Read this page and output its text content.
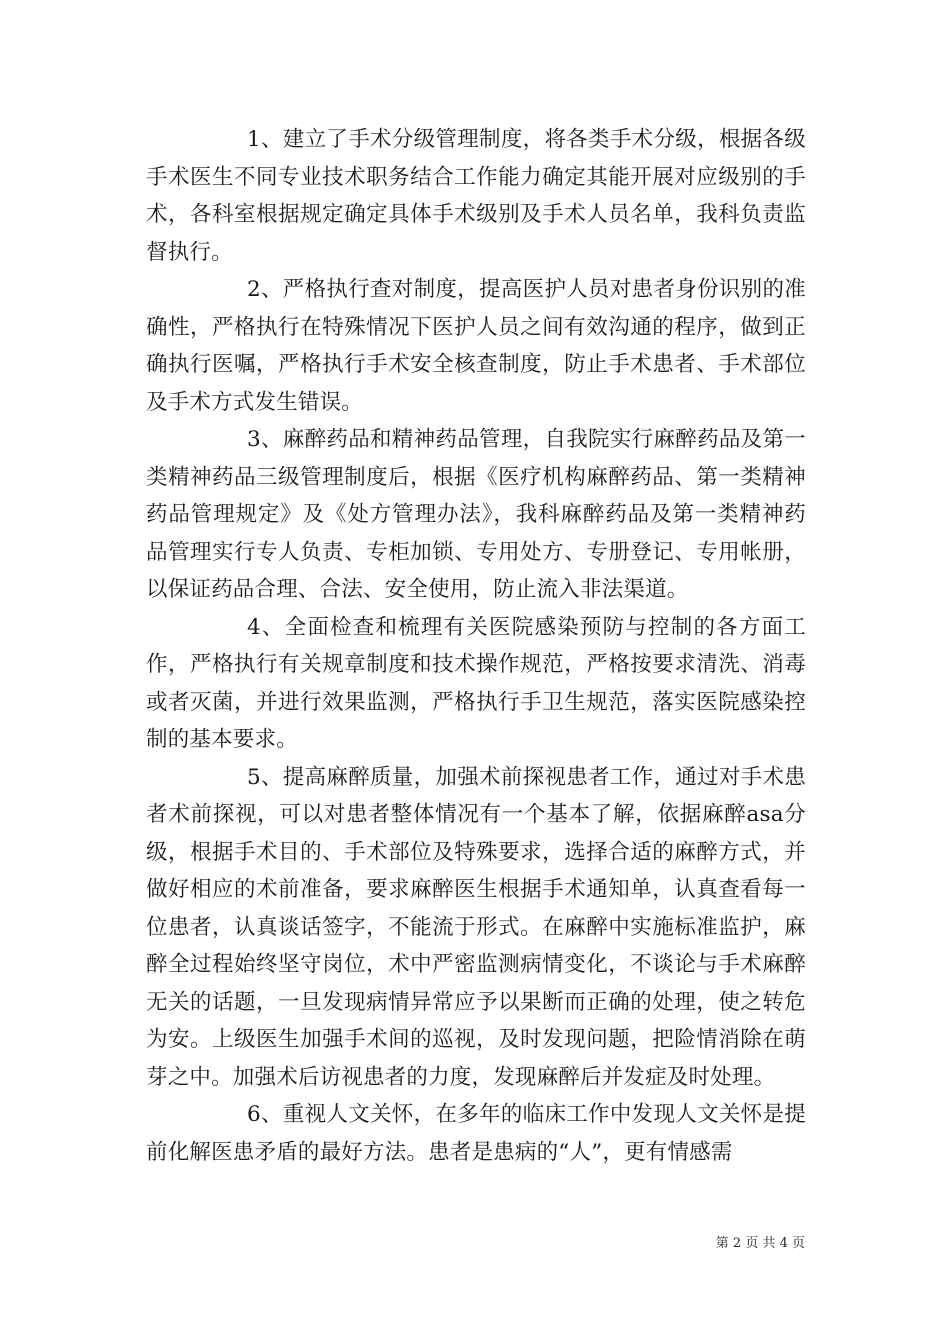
1、建立了手术分级管理制度，将各类手术分级，根据各级手术医生不同专业技术职务结合工作能力确定其能开展对应级别的手术，各科室根据规定确定具体手术级别及手术人员名单，我科负责监督执行。

2、严格执行查对制度，提高医护人员对患者身份识别的准确性，严格执行在特殊情况下医护人员之间有效沟通的程序，做到正确执行医嘱，严格执行手术安全核查制度，防止手术患者、手术部位及手术方式发生错误。

3、麻醉药品和精神药品管理，自我院实行麻醉药品及第一类精神药品三级管理制度后，根据《医疗机构麻醉药品、第一类精神药品管理规定》及《处方管理办法》，我科麻醉药品及第一类精神药品管理实行专人负责、专柜加锁、专用处方、专册登记、专用帐册，以保证药品合理、合法、安全使用，防止流入非法渠道。

4、全面检查和梳理有关医院感染预防与控制的各方面工作，严格执行有关规章制度和技术操作规范，严格按要求清洗、消毒或者灭菌，并进行效果监测，严格执行手卫生规范，落实医院感染控制的基本要求。

5、提高麻醉质量，加强术前探视患者工作，通过对手术患者术前探视，可以对患者整体情况有一个基本了解，依据麻醉asa分级，根据手术目的、手术部位及特殊要求，选择合适的麻醉方式，并做好相应的术前准备，要求麻醉医生根据手术通知单，认真查看每一位患者，认真谈话签字，不能流于形式。在麻醉中实施标准监护，麻醉全过程始终坚守岗位，术中严密监测病情变化，不谈论与手术麻醉无关的话题，一旦发现病情异常应予以果断而正确的处理，使之转危为安。上级医生加强手术间的巡视，及时发现问题，把险情消除在萌芽之中。加强术后访视患者的力度，发现麻醉后并发症及时处理。

6、重视人文关怀，在多年的临床工作中发现人文关怀是提前化解医患矛盾的最好方法。患者是患病的“人”，更有情感需

第 2 页 共 4 页
